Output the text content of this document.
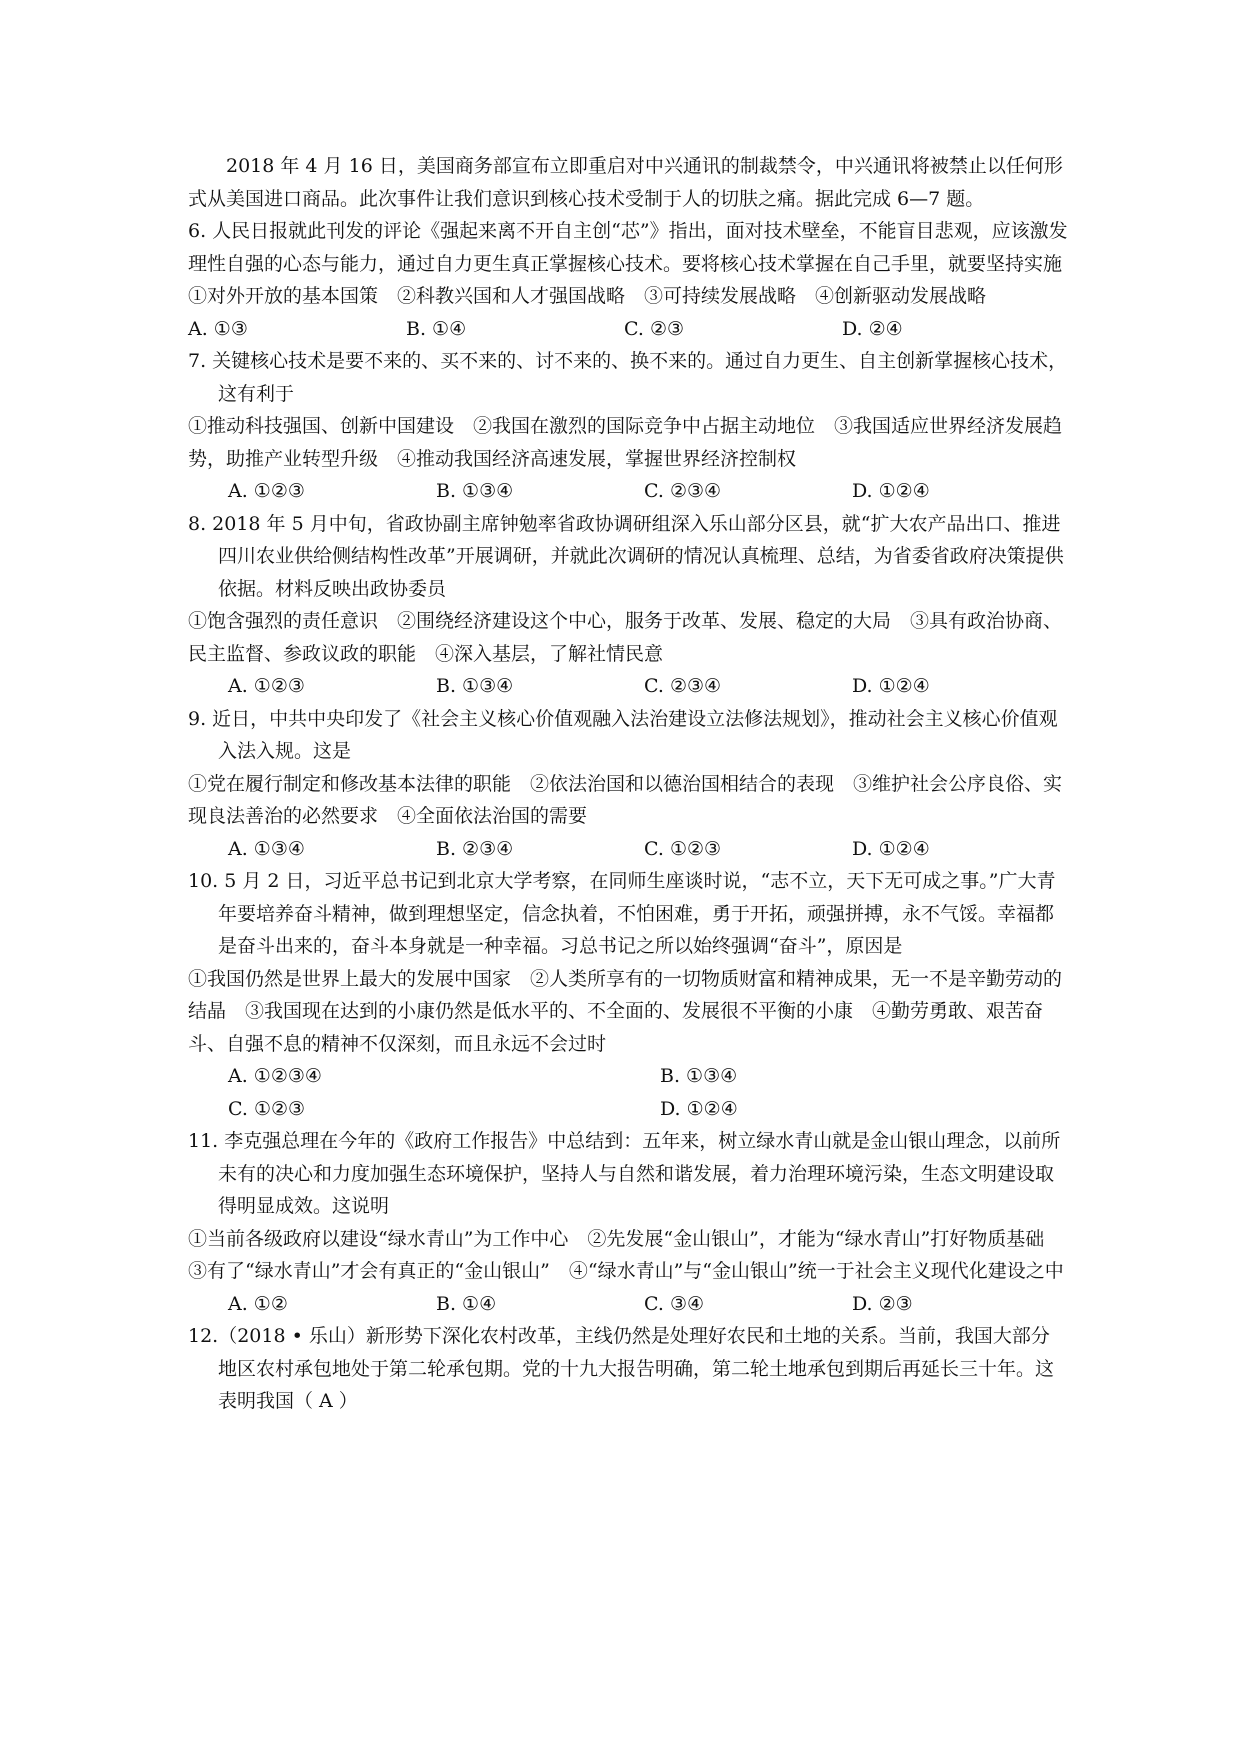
2018 年 4 月 16 日，美国商务部宣布立即重启对中兴通讯的制裁禁令，中兴通讯将被禁止以任何形式从美国进口商品。此次事件让我们意识到核心技术受制于人的切肤之痛。据此完成 6—7 题。

6. 人民日报就此刊发的评论《强起来离不开自主创“芯”》指出，面对技术壁垒，不能盲目悲观，应该激发理性自强的心态与能力，通过自力更生真正掌握核心技术。要将核心技术掌握在自己手里，就要坚持实施

①对外开放的基本国策　②科教兴国和人才强国战略　③可持续发展战略　④创新驱动发展战略

A. ①③	B. ①④	C. ②③	D. ②④

7. 关键核心技术是要不来的、买不来的、讨不来的、换不来的。通过自力更生、自主创新掌握核心技术，这有利于

①推动科技强国、创新中国建设　②我国在激烈的国际竞争中占据主动地位　③我国适应世界经济发展趋势，助推产业转型升级　④推动我国经济高速发展，掌握世界经济控制权

A. ①②③	B. ①③④	C. ②③④	D. ①②④

8. 2018 年 5 月中旬，省政协副主席钟勉率省政协调研组深入乐山部分区县，就“扩大农产品出口、推进四川农业供给侧结构性改革”开展调研，并就此次调研的情况认真梳理、总结，为省委省政府决策提供依据。材料反映出政协委员

①饱含强烈的责任意识　②围绕经济建设这个中心，服务于改革、发展、稳定的大局　③具有政治协商、民主监督、参政议政的职能　④深入基层，了解社情民意

A. ①②③	B. ①③④	C. ②③④	D. ①②④

9. 近日，中共中央印发了《社会主义核心价值观融入法治建设立法修法规划》，推动社会主义核心价值观入法入规。这是

①党在履行制定和修改基本法律的职能　②依法治国和以德治国相结合的表现　③维护社会公序良俗、实现良法善治的必然要求　④全面依法治国的需要

A. ①③④	B. ②③④	C. ①②③	D. ①②④

10. 5 月 2 日，习近平总书记到北京大学考察，在同师生座谈时说，“志不立，天下无可成之事。”广大青年要培养奋斗精神，做到理想坚定，信念执着，不怕困难，勇于开拓，顽强拼搏，永不气馁。幸福都是奋斗出来的，奋斗本身就是一种幸福。习总书记之所以始终强调“奋斗”，原因是

①我国仍然是世界上最大的发展中国家　②人类所享有的一切物质财富和精神成果，无一不是辛勤劳动的结晶　③我国现在达到的小康仍然是低水平的、不全面的、发展很不平衡的小康　④勤劳勇敢、艰苦奋斗、自强不息的精神不仅深刻，而且永远不会过时

A. ①②③④	B. ①③④
C. ①②③	D. ①②④

11. 李克强总理在今年的《政府工作报告》中总结到：五年来，树立绿水青山就是金山银山理念，以前所未有的决心和力度加强生态环境保护，坚持人与自然和谐发展，着力治理环境污染，生态文明建设取得明显成效。这说明

①当前各级政府以建设“绿水青山”为工作中心　②先发展“金山银山”，才能为“绿水青山”打好物质基础　③有了“绿水青山”才会有真正的“金山银山”　④“绿水青山”与“金山银山”统一于社会主义现代化建设之中

A. ①②	B. ①④	C. ③④	D. ②③

12.（2018 • 乐山）新形势下深化农村改革，主线仍然是处理好农民和土地的关系。当前，我国大部分地区农村承包地处于第二轮承包期。党的十九大报告明确，第二轮土地承包到期后再延长三十年。这表明我国（ A ）
